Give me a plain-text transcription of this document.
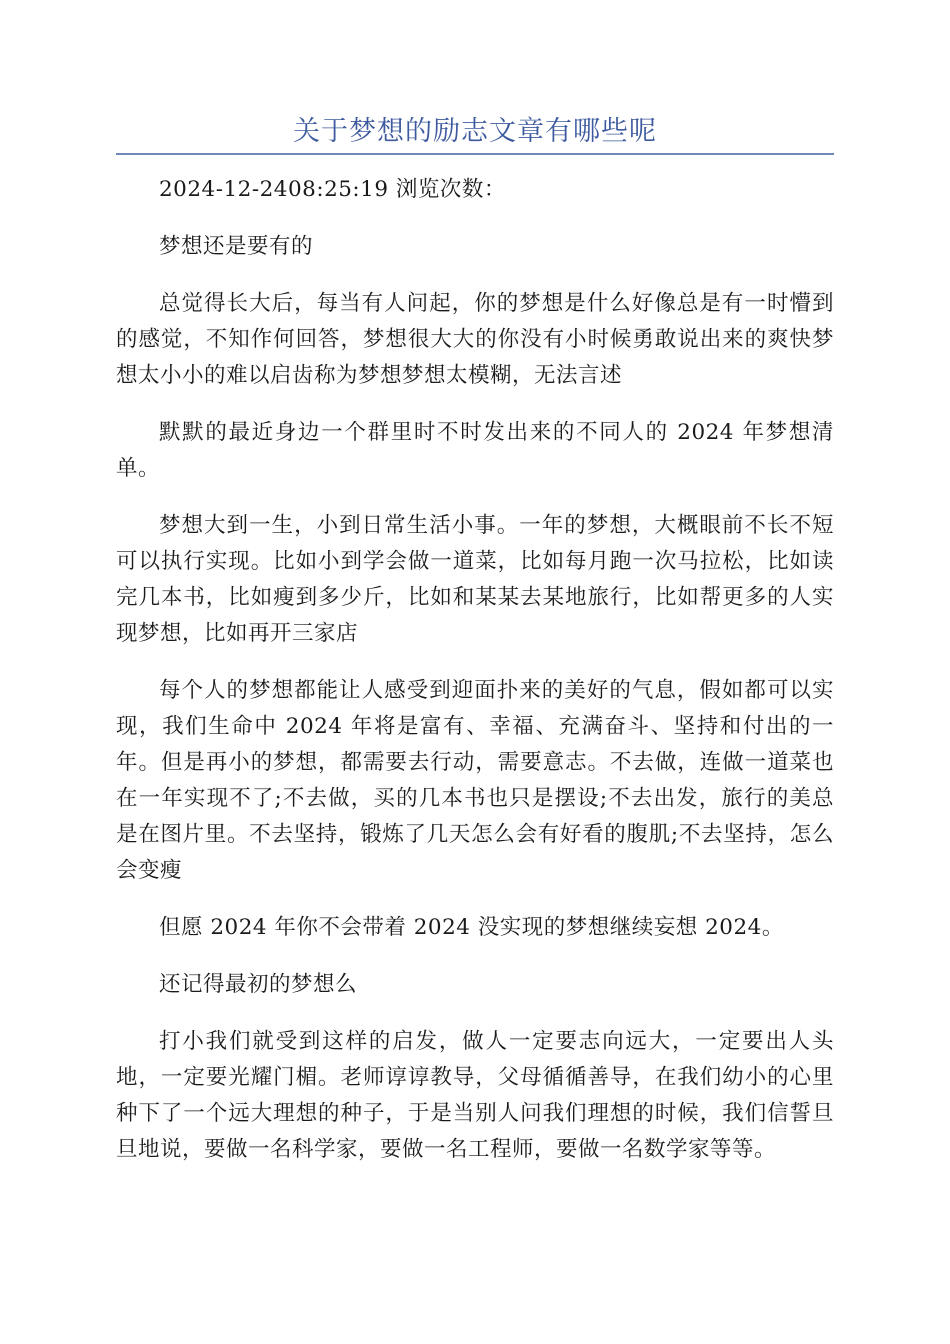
关于梦想的励志文章有哪些呢

2024-12-2408:25:19 浏览次数：

梦想还是要有的

总觉得长大后，每当有人问起，你的梦想是什么好像总是有一时懵到的感觉，不知作何回答，梦想很大大的你没有小时候勇敢说出来的爽快梦想太小小的难以启齿称为梦想梦想太模糊，无法言述

默默的最近身边一个群里时不时发出来的不同人的 2024 年梦想清单。

梦想大到一生，小到日常生活小事。一年的梦想，大概眼前不长不短可以执行实现。比如小到学会做一道菜，比如每月跑一次马拉松，比如读完几本书，比如瘦到多少斤，比如和某某去某地旅行，比如帮更多的人实现梦想，比如再开三家店

每个人的梦想都能让人感受到迎面扑来的美好的气息，假如都可以实现，我们生命中 2024 年将是富有、幸福、充满奋斗、坚持和付出的一年。但是再小的梦想，都需要去行动，需要意志。不去做，连做一道菜也在一年实现不了;不去做，买的几本书也只是摆设;不去出发，旅行的美总是在图片里。不去坚持，锻炼了几天怎么会有好看的腹肌;不去坚持，怎么会变瘦

但愿 2024 年你不会带着 2024 没实现的梦想继续妄想 2024。

还记得最初的梦想么

打小我们就受到这样的启发，做人一定要志向远大，一定要出人头地，一定要光耀门楣。老师谆谆教导，父母循循善导，在我们幼小的心里种下了一个远大理想的种子，于是当别人问我们理想的时候，我们信誓旦旦地说，要做一名科学家，要做一名工程师，要做一名数学家等等。
